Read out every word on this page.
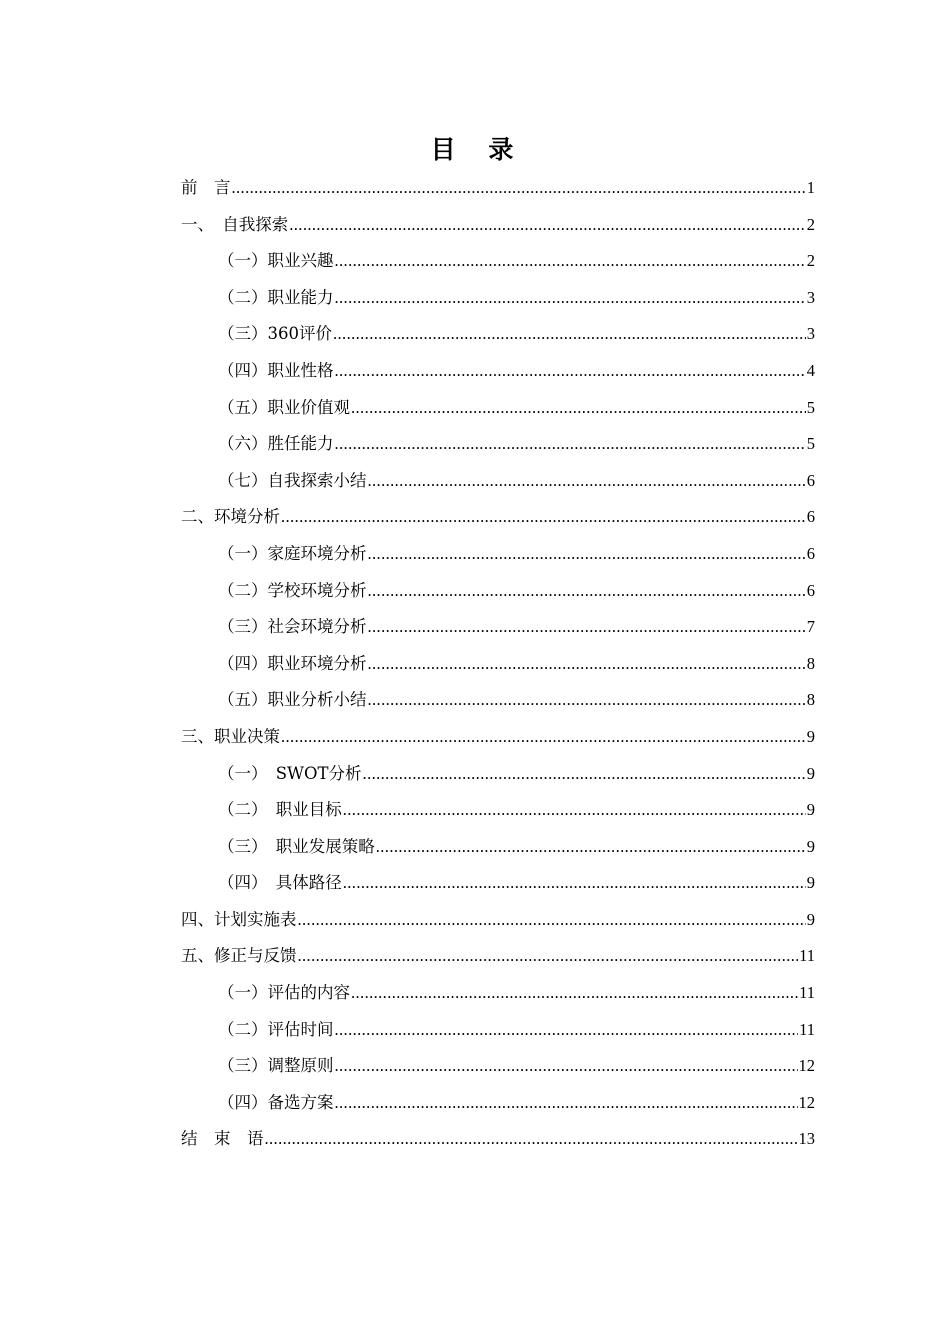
目 录
前　言 .....	1
一、　自我探索 .....	2
（一）职业兴趣 .....	2
（二）职业能力 .....	3
（三）360评价 .....	3
（四）职业性格 .....	4
（五）职业价值观 .....	5
（六）胜任能力 .....	5
（七）自我探索小结 .....	6
二、环境分析 .....	6
（一）家庭环境分析 .....	6
（二）学校环境分析 .....	6
（三）社会环境分析 .....	7
（四）职业环境分析 .....	8
（五）职业分析小结 .....	8
三、职业决策 .....	9
（一）　SWOT分析 .....	9
（二）　职业目标 .....	9
（三）　职业发展策略 .....	9
（四）　具体路径 .....	9
四、计划实施表 .....	9
五、修正与反馈 .....	11
（一）评估的内容 .....	11
（二）评估时间 .....	11
（三）调整原则 .....	12
（四）备选方案 .....	12
结　束　语 .....	13
